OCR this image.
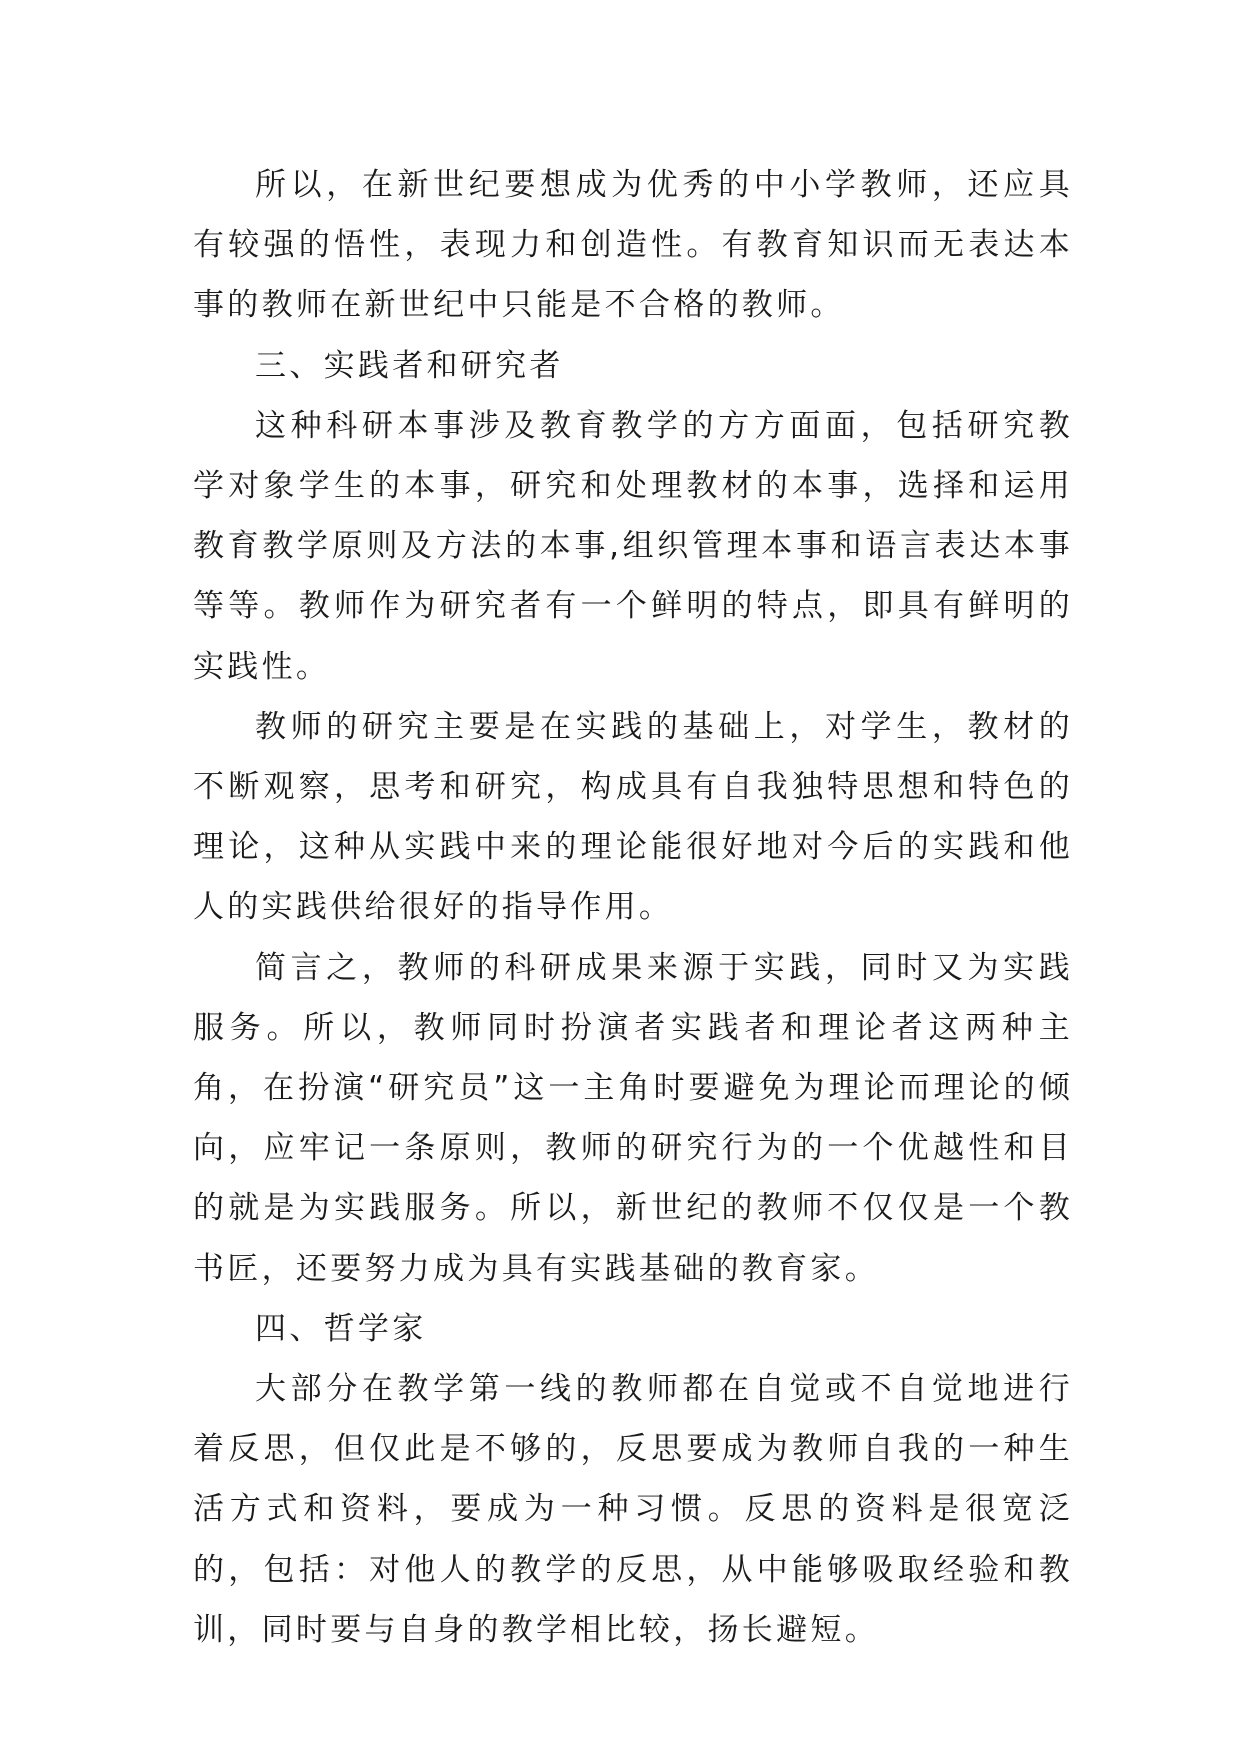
所以，在新世纪要想成为优秀的中小学教师，还应具有较强的悟性，表现力和创造性。有教育知识而无表达本事的教师在新世纪中只能是不合格的教师。

三、实践者和研究者

这种科研本事涉及教育教学的方方面面，包括研究教学对象学生的本事，研究和处理教材的本事，选择和运用教育教学原则及方法的本事,组织管理本事和语言表达本事等等。教师作为研究者有一个鲜明的特点，即具有鲜明的实践性。

教师的研究主要是在实践的基础上，对学生，教材的不断观察，思考和研究，构成具有自我独特思想和特色的理论，这种从实践中来的理论能很好地对今后的实践和他人的实践供给很好的指导作用。

简言之，教师的科研成果来源于实践，同时又为实践服务。所以，教师同时扮演者实践者和理论者这两种主角，在扮演“研究员”这一主角时要避免为理论而理论的倾向，应牢记一条原则，教师的研究行为的一个优越性和目的就是为实践服务。所以，新世纪的教师不仅仅是一个教书匠，还要努力成为具有实践基础的教育家。

四、哲学家

大部分在教学第一线的教师都在自觉或不自觉地进行着反思，但仅此是不够的，反思要成为教师自我的一种生活方式和资料，要成为一种习惯。反思的资料是很宽泛的，包括：对他人的教学的反思，从中能够吸取经验和教训，同时要与自身的教学相比较，扬长避短。
